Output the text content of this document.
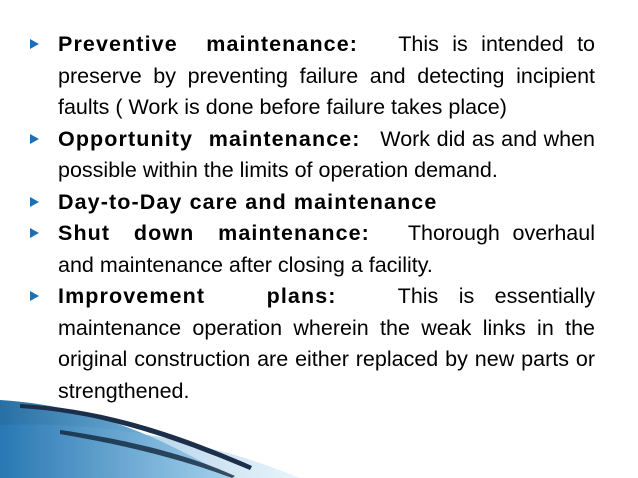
Preventive maintenance:   This is intended to preserve by preventing failure and detecting incipient faults ( Work is done before failure takes place)
Opportunity maintenance:   Work did as and when possible within the limits of operation demand.
Day-to-Day care and maintenance
Shut down maintenance:   Thorough overhaul and maintenance after closing a facility.
Improvement plans:   This is essentially maintenance operation wherein the weak links in the original construction are either replaced by new parts or strengthened.
